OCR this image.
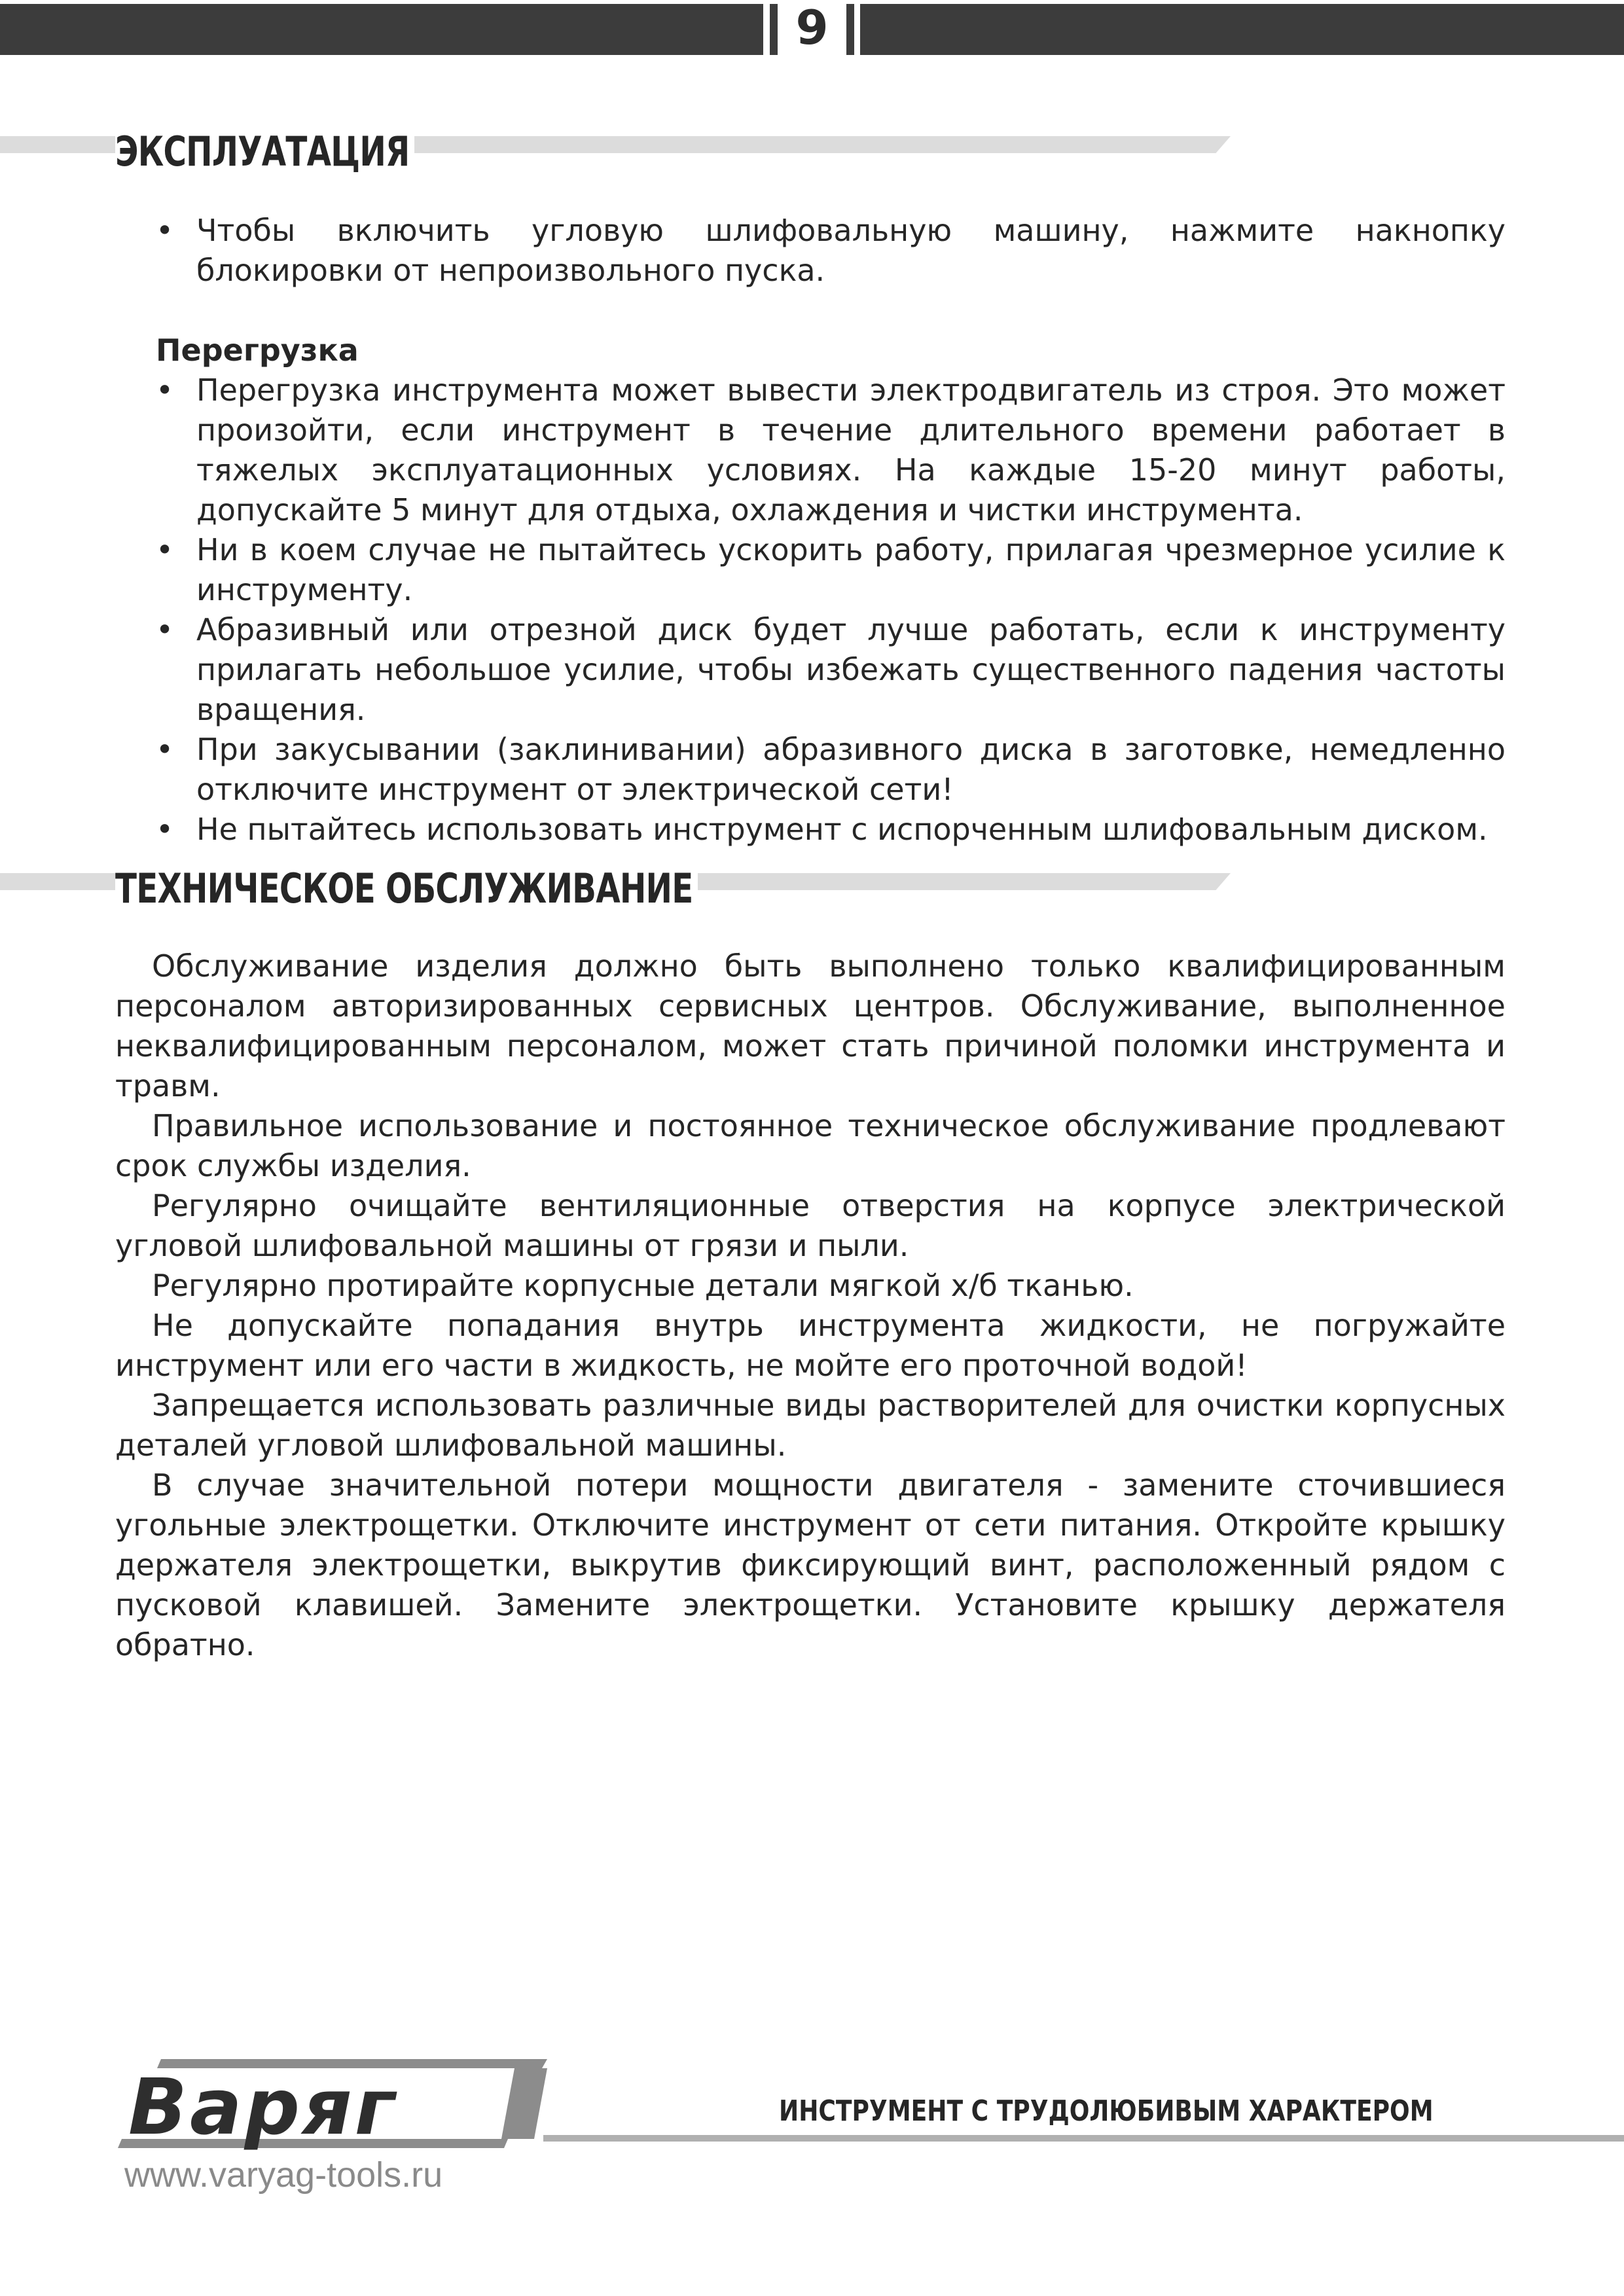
9
ЭКСПЛУАТАЦИЯ
• Чтобы включить угловую шлифовальную машину, нажмите накнопку блокировки от непроизвольного пуска.
Перегрузка
• Перегрузка инструмента может вывести электродвигатель из строя. Это может произойти, если инструмент в течение длительного времени работает в тяжелых эксплуатационных условиях. На каждые 15-20 минут работы, допускайте 5 минут для отдыха, охлаждения и чистки инструмента.
• Ни в коем случае не пытайтесь ускорить работу, прилагая чрезмерное усилие к инструменту.
• Абразивный или отрезной диск будет лучше работать, если к инструменту прилагать небольшое усилие, чтобы избежать существенного падения частоты вращения.
• При закусывании (заклинивании) абразивного диска в заготовке, немедленно отключите инструмент от электрической сети!
• Не пытайтесь использовать инструмент с испорченным шлифовальным диском.
ТЕХНИЧЕСКОЕ ОБСЛУЖИВАНИЕ

Обслуживание изделия должно быть выполнено только квалифицированным персоналом авторизированных сервисных центров. Обслуживание, выполненное неквалифицированным персоналом, может стать причиной поломки инструмента и травм.

Правильное использование и постоянное техническое обслуживание продлевают срок службы изделия.

Регулярно очищайте вентиляционные отверстия на корпусе электрической угловой шлифовальной машины от грязи и пыли.

Регулярно протирайте корпусные детали мягкой х/б тканью.

Не допускайте попадания внутрь инструмента жидкости, не погружайте инструмент или его части в жидкость, не мойте его проточной водой!

Запрещается использовать различные виды растворителей для очистки корпусных деталей угловой шлифовальной машины.

В случае значительной потери мощности двигателя - замените сточившиеся угольные электрощетки. Отключите инструмент от сети питания. Откройте крышку держателя электрощетки, выкрутив фиксирующий винт, расположенный рядом с пусковой клавишей. Замените электрощетки. Установите крышку держателя обратно.

Варяг	ИНСТРУМЕНТ С ТРУДОЛЮБИВЫМ ХАРАКТЕРОМ
www.varyag-tools.ru
